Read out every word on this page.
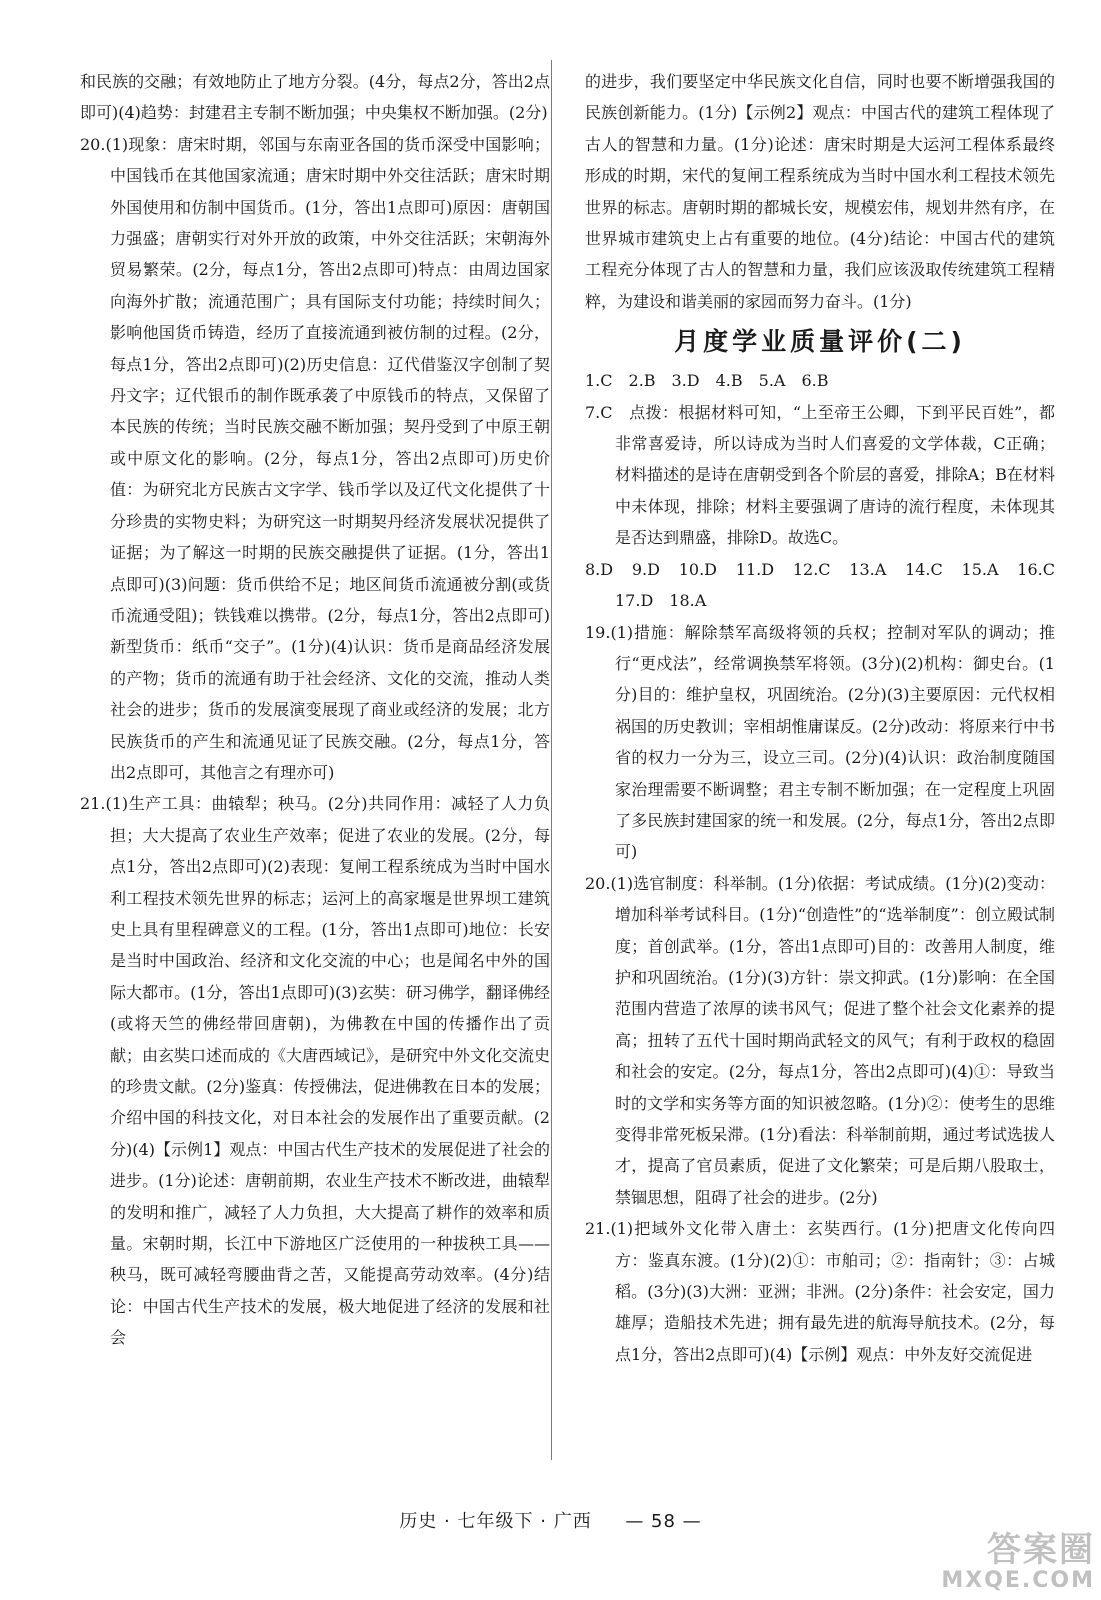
和民族的交融；有效地防止了地方分裂。(4分，每点2分，答出2点即可)(4)趋势：封建君主专制不断加强；中央集权不断加强。(2分)

20.(1)现象：唐宋时期，邻国与东南亚各国的货币深受中国影响；中国钱币在其他国家流通；唐宋时期中外交往活跃；唐宋时期外国使用和仿制中国货币。(1分，答出1点即可)原因：唐朝国力强盛；唐朝实行对外开放的政策，中外交往活跃；宋朝海外贸易繁荣。(2分，每点1分，答出2点即可)特点：由周边国家向海外扩散；流通范围广；具有国际支付功能；持续时间久；影响他国货币铸造，经历了直接流通到被仿制的过程。(2分，每点1分，答出2点即可)(2)历史信息：辽代借鉴汉字创制了契丹文字；辽代银币的制作既承袭了中原钱币的特点，又保留了本民族的传统；当时民族交融不断加强；契丹受到了中原王朝或中原文化的影响。(2分，每点1分，答出2点即可)历史价值：为研究北方民族古文字学、钱币学以及辽代文化提供了十分珍贵的实物史料；为研究这一时期契丹经济发展状况提供了证据；为了解这一时期的民族交融提供了证据。(1分，答出1点即可)(3)问题：货币供给不足；地区间货币流通被分割(或货币流通受阻)；铁钱难以携带。(2分，每点1分，答出2点即可)新型货币：纸币“交子”。(1分)(4)认识：货币是商品经济发展的产物；货币的流通有助于社会经济、文化的交流，推动人类社会的进步；货币的发展演变展现了商业或经济的发展；北方民族货币的产生和流通见证了民族交融。(2分，每点1分，答出2点即可，其他言之有理亦可)

21.(1)生产工具：曲辕犁；秧马。(2分)共同作用：减轻了人力负担；大大提高了农业生产效率；促进了农业的发展。(2分，每点1分，答出2点即可)(2)表现：复闸工程系统成为当时中国水利工程技术领先世界的标志；运河上的高家堰是世界坝工建筑史上具有里程碑意义的工程。(1分，答出1点即可)地位：长安是当时中国政治、经济和文化交流的中心；也是闻名中外的国际大都市。(1分，答出1点即可)(3)玄奘：研习佛学，翻译佛经(或将天竺的佛经带回唐朝)，为佛教在中国的传播作出了贡献；由玄奘口述而成的《大唐西域记》，是研究中外文化交流史的珍贵文献。(2分)鉴真：传授佛法，促进佛教在日本的发展；介绍中国的科技文化，对日本社会的发展作出了重要贡献。(2分)(4)【示例1】观点：中国古代生产技术的发展促进了社会的进步。(1分)论述：唐朝前期，农业生产技术不断改进，曲辕犁的发明和推广，减轻了人力负担，大大提高了耕作的效率和质量。宋朝时期，长江中下游地区广泛使用的一种拔秧工具——秧马，既可减轻弯腰曲背之苦，又能提高劳动效率。(4分)结论：中国古代生产技术的发展，极大地促进了经济的发展和社会

的进步，我们要坚定中华民族文化自信，同时也要不断增强我国的民族创新能力。(1分)【示例2】观点：中国古代的建筑工程体现了古人的智慧和力量。(1分)论述：唐宋时期是大运河工程体系最终形成的时期，宋代的复闸工程系统成为当时中国水利工程技术领先世界的标志。唐朝时期的都城长安，规模宏伟，规划井然有序，在世界城市建筑史上占有重要的地位。(4分)结论：中国古代的建筑工程充分体现了古人的智慧和力量，我们应该汲取传统建筑工程精粹，为建设和谐美丽的家园而努力奋斗。(1分)

月度学业质量评价(二)

1.C　2.B　3.D　4.B　5.A　6.B

7.C　点拨：根据材料可知，“上至帝王公卿，下到平民百姓”，都非常喜爱诗，所以诗成为当时人们喜爱的文学体裁，C正确；材料描述的是诗在唐朝受到各个阶层的喜爱，排除A；B在材料中未体现，排除；材料主要强调了唐诗的流行程度，未体现其是否达到鼎盛，排除D。故选C。

8.D　9.D　10.D　11.D　12.C　13.A　14.C　15.A　16.C　17.D　18.A

19.(1)措施：解除禁军高级将领的兵权；控制对军队的调动；推行“更戍法”，经常调换禁军将领。(3分)(2)机构：御史台。(1分)目的：维护皇权，巩固统治。(2分)(3)主要原因：元代权相祸国的历史教训；宰相胡惟庸谋反。(2分)改动：将原来行中书省的权力一分为三，设立三司。(2分)(4)认识：政治制度随国家治理需要不断调整；君主专制不断加强；在一定程度上巩固了多民族封建国家的统一和发展。(2分，每点1分，答出2点即可)

20.(1)选官制度：科举制。(1分)依据：考试成绩。(1分)(2)变动：增加科举考试科目。(1分)“创造性”的“选举制度”：创立殿试制度；首创武举。(1分，答出1点即可)目的：改善用人制度，维护和巩固统治。(1分)(3)方针：崇文抑武。(1分)影响：在全国范围内营造了浓厚的读书风气；促进了整个社会文化素养的提高；扭转了五代十国时期尚武轻文的风气；有利于政权的稳固和社会的安定。(2分，每点1分，答出2点即可)(4)①：导致当时的文学和实务等方面的知识被忽略。(1分)②：使考生的思维变得非常死板呆滞。(1分)看法：科举制前期，通过考试选拔人才，提高了官员素质，促进了文化繁荣；可是后期八股取士，禁锢思想，阻碍了社会的进步。(2分)

21.(1)把域外文化带入唐土：玄奘西行。(1分)把唐文化传向四方：鉴真东渡。(1分)(2)①：市舶司；②：指南针；③：占城稻。(3分)(3)大洲：亚洲；非洲。(2分)条件：社会安定，国力雄厚；造船技术先进；拥有最先进的航海导航技术。(2分，每点1分，答出2点即可)(4)【示例】观点：中外友好交流促进

历史 · 七年级下 · 广西 — 58 —
答案圈
MXQE.COM
